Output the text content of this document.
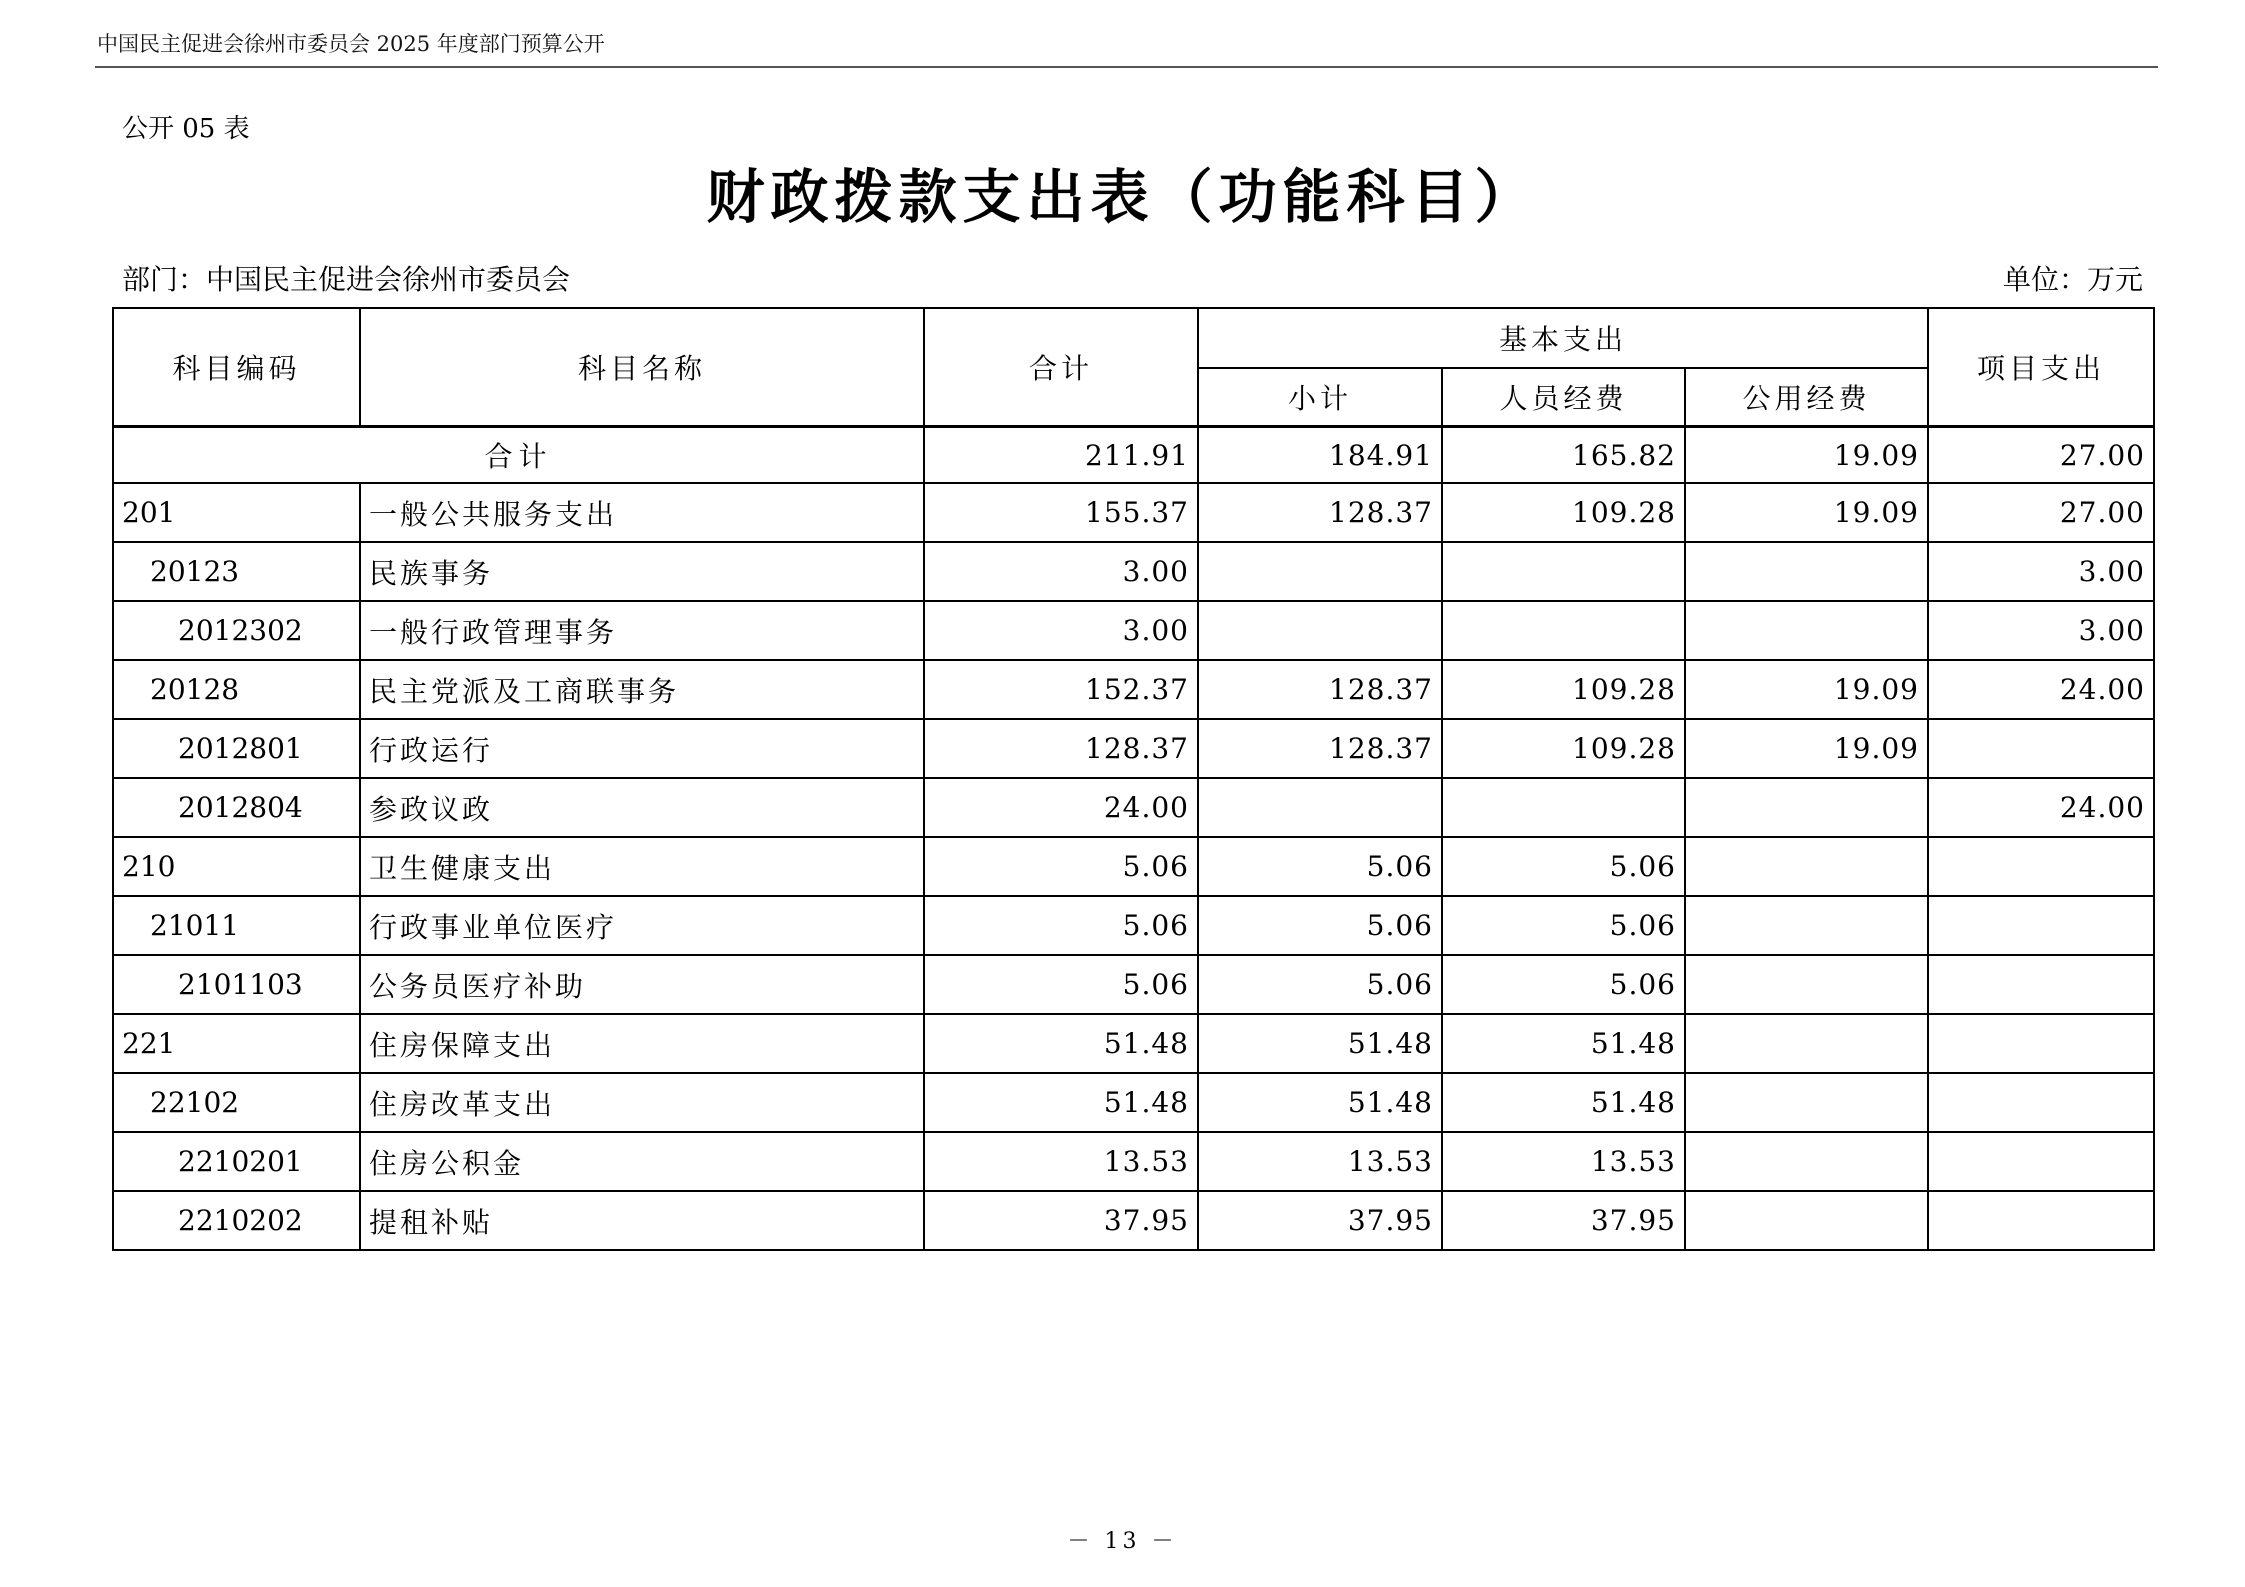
中国民主促进会徐州市委员会 2025 年度部门预算公开
公开 05 表
财政拨款支出表（功能科目）
部门：中国民主促进会徐州市委员会	单位：万元
科目编码	科目名称	合计	基本支出			项目支出
			小计	人员经费	公用经费	
合计		211.91	184.91	165.82	19.09	27.00
201	一般公共服务支出	155.37	128.37	109.28	19.09	27.00
20123	民族事务	3.00				3.00
2012302	一般行政管理事务	3.00				3.00
20128	民主党派及工商联事务	152.37	128.37	109.28	19.09	24.00
2012801	行政运行	128.37	128.37	109.28	19.09	
2012804	参政议政	24.00				24.00
210	卫生健康支出	5.06	5.06	5.06		
21011	行政事业单位医疗	5.06	5.06	5.06		
2101103	公务员医疗补助	5.06	5.06	5.06		
221	住房保障支出	51.48	51.48	51.48		
22102	住房改革支出	51.48	51.48	51.48		
2210201	住房公积金	13.53	13.53	13.53		
2210202	提租补贴	37.95	37.95	37.95		
－ 13 －
